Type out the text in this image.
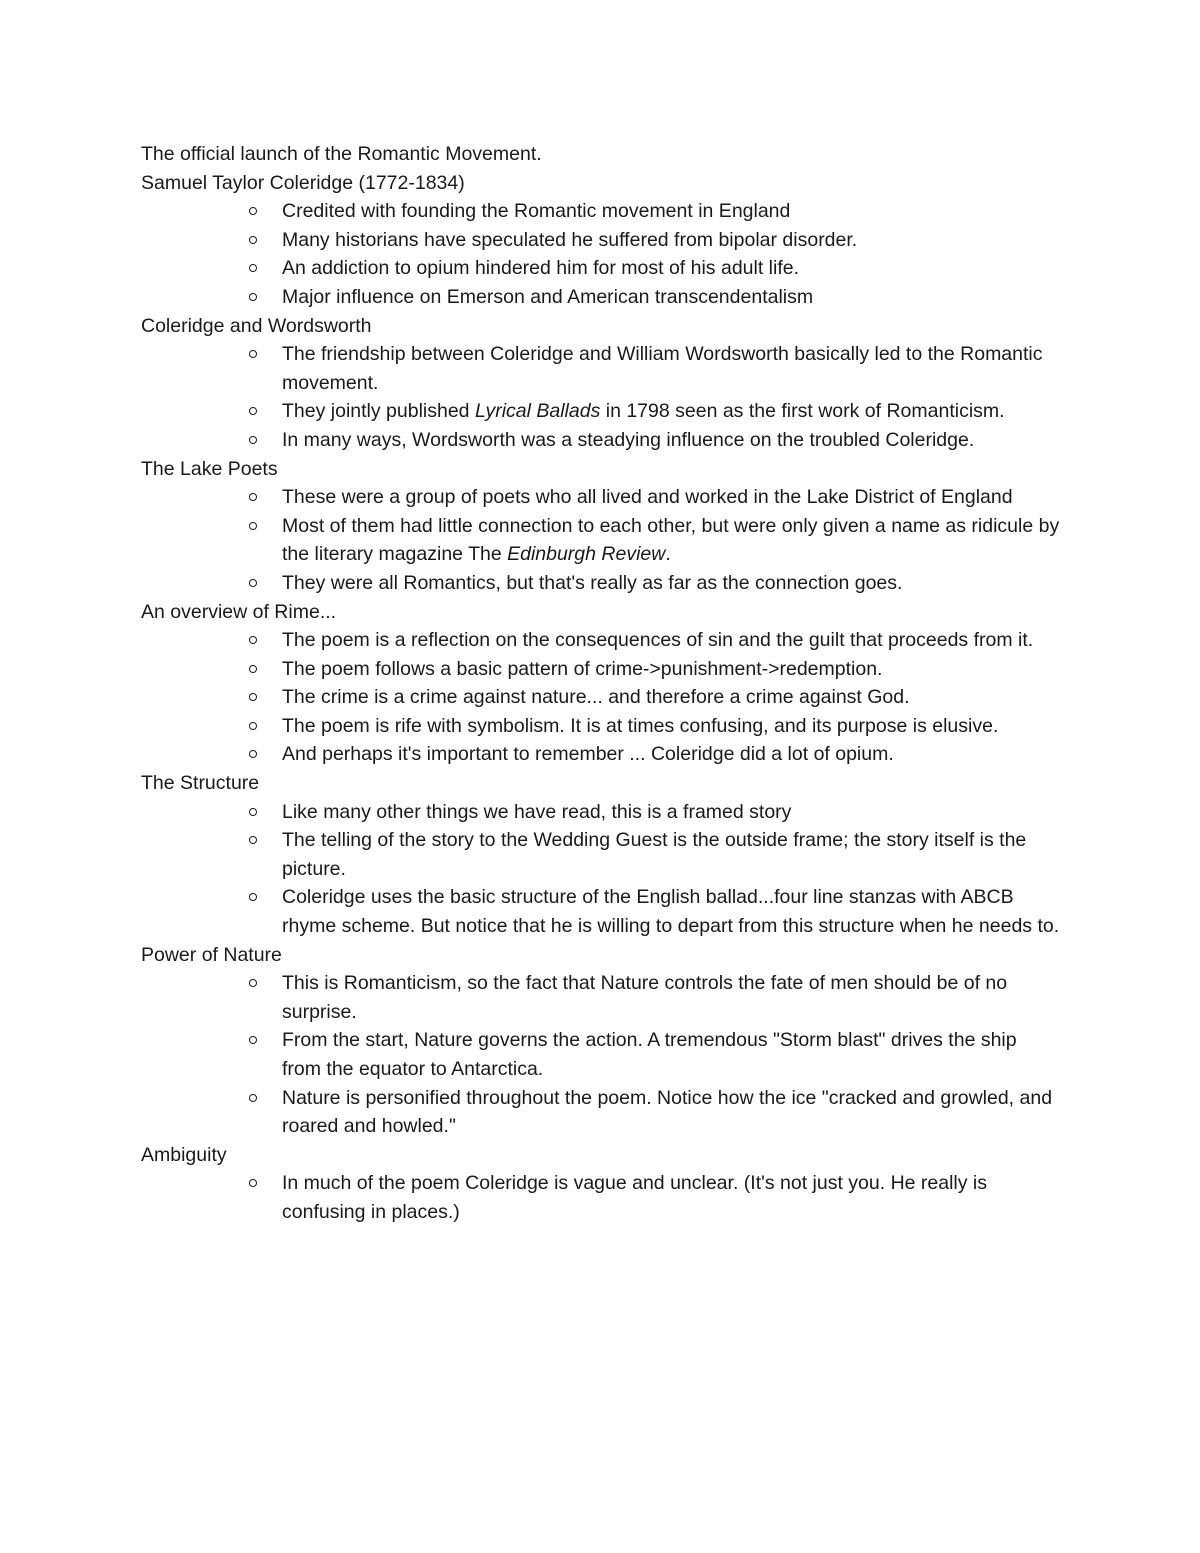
The official launch of the Romantic Movement.

Samuel Taylor Coleridge (1772-1834)

Credited with founding the Romantic movement in England
Many historians have speculated he suffered from bipolar disorder.
An addiction to opium hindered him for most of his adult life.
Major influence on Emerson and American transcendentalism

Coleridge and Wordsworth

The friendship between Coleridge and William Wordsworth basically led to the Romantic movement.
They jointly published Lyrical Ballads in 1798 seen as the first work of Romanticism.
In many ways, Wordsworth was a steadying influence on the troubled Coleridge.

The Lake Poets

These were a group of poets who all lived and worked in the Lake District of England
Most of them had little connection to each other, but were only given a name as ridicule by the literary magazine The Edinburgh Review.
They were all Romantics, but that's really as far as the connection goes.

An overview of Rime...

The poem is a reflection on the consequences of sin and the guilt that proceeds from it.
The poem follows a basic pattern of crime->punishment->redemption.
The crime is a crime against nature... and therefore a crime against God.
The poem is rife with symbolism. It is at times confusing, and its purpose is elusive.
And perhaps it's important to remember ... Coleridge did a lot of opium.

The Structure

Like many other things we have read, this is a framed story
The telling of the story to the Wedding Guest is the outside frame; the story itself is the picture.
Coleridge uses the basic structure of the English ballad...four line stanzas with ABCB rhyme scheme. But notice that he is willing to depart from this structure when he needs to.

Power of Nature

This is Romanticism, so the fact that Nature controls the fate of men should be of no surprise.
From the start, Nature governs the action. A tremendous "Storm blast" drives the ship from the equator to Antarctica.
Nature is personified throughout the poem. Notice how the ice "cracked and growled, and roared and howled."

Ambiguity

In much of the poem Coleridge is vague and unclear. (It's not just you. He really is confusing in places.)
